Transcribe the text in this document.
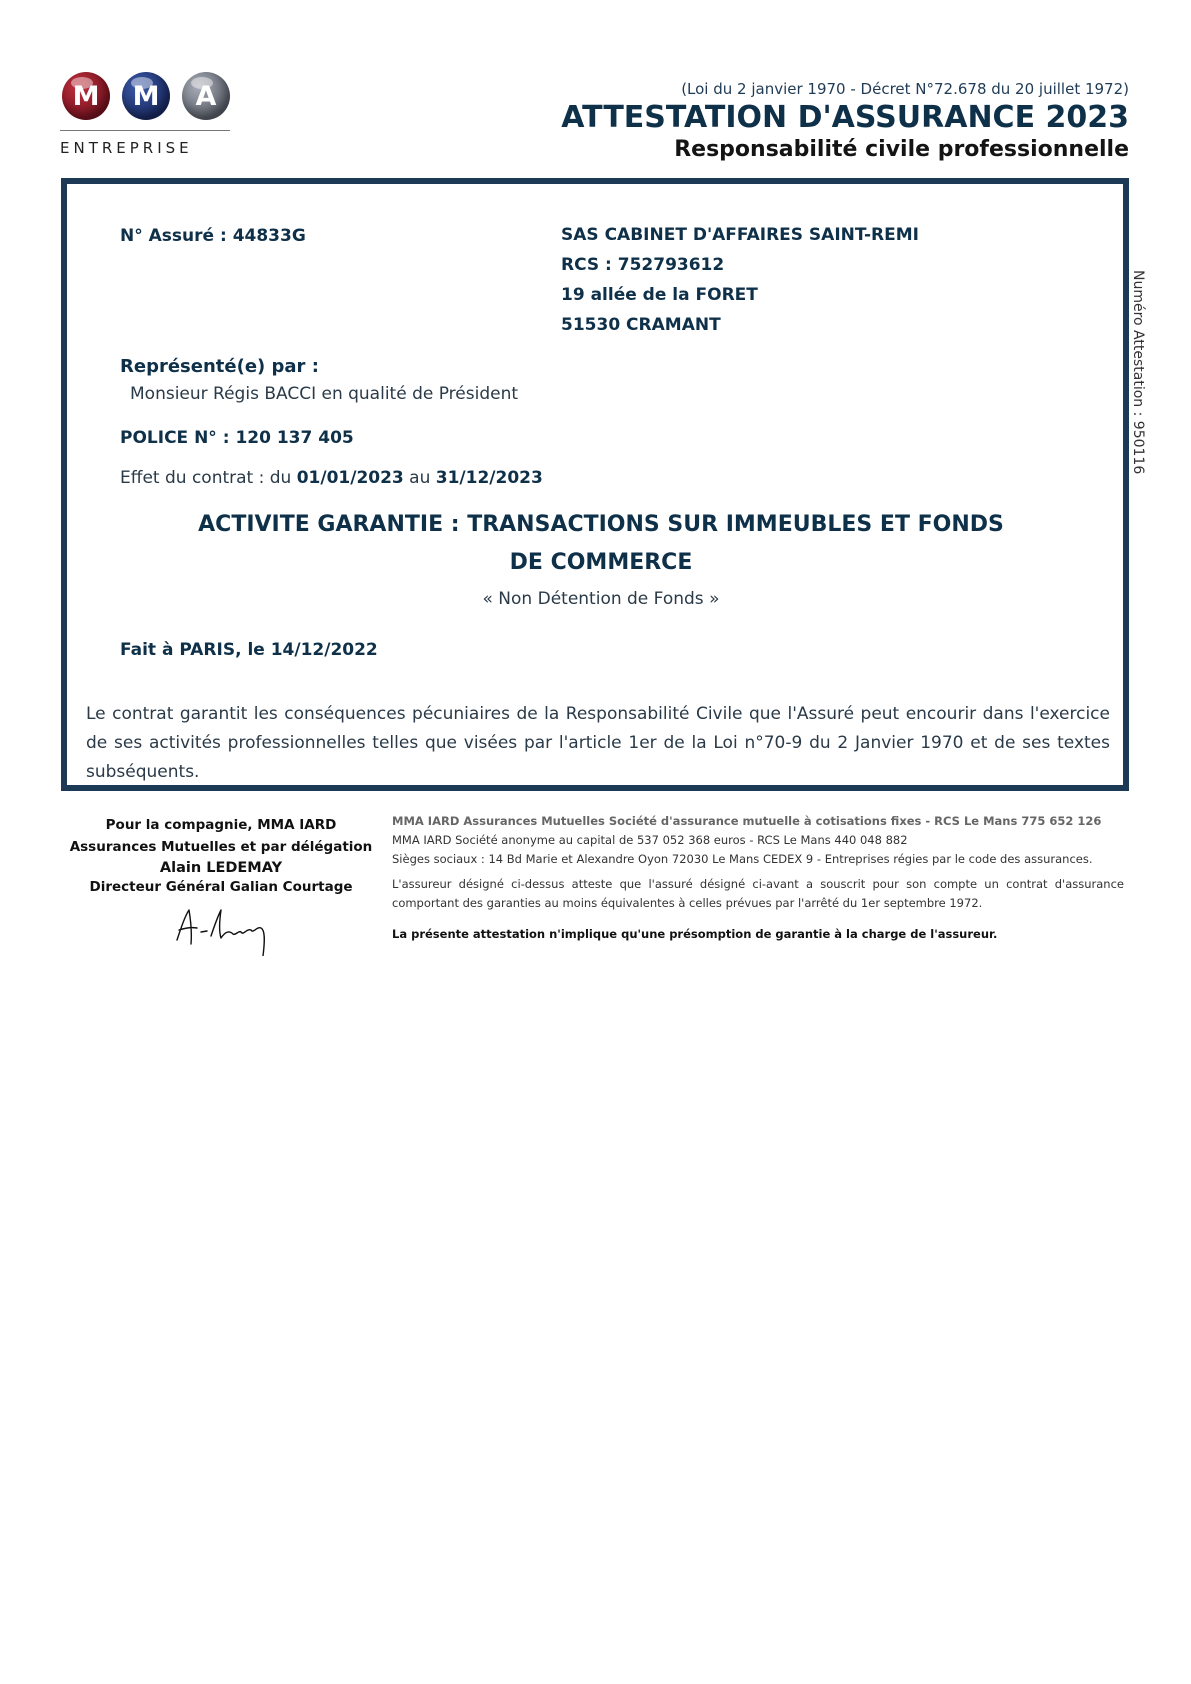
M M A
ENTREPRISE
(Loi du 2 janvier 1970 - Décret N°72.678 du 20 juillet 1972)
ATTESTATION D'ASSURANCE 2023
Responsabilité civile professionnelle
N° Assuré : 44833G	SAS CABINET D'AFFAIRES SAINT-REMI
RCS : 752793612
19 allée de la FORET
51530 CRAMANT
Représenté(e) par :
Monsieur Régis BACCI en qualité de Président
POLICE N° : 120 137 405
Effet du contrat : du 01/01/2023 au 31/12/2023
ACTIVITE GARANTIE : TRANSACTIONS SUR IMMEUBLES ET FONDS DE COMMERCE
« Non Détention de Fonds »
Fait à PARIS, le 14/12/2022
Le contrat garantit les conséquences pécuniaires de la Responsabilité Civile que l'Assuré peut encourir dans l'exercice de ses activités professionnelles telles que visées par l'article 1er de la Loi n°70-9 du 2 Janvier 1970 et de ses textes subséquents.
Numéro Attestation : 950116
Pour la compagnie, MMA IARD Assurances Mutuelles et par délégation
Alain LEDEMAY
Directeur Général Galian Courtage

MMA IARD Assurances Mutuelles Société d'assurance mutuelle à cotisations fixes - RCS Le Mans 775 652 126

MMA IARD Société anonyme au capital de 537 052 368 euros - RCS Le Mans 440 048 882

Sièges sociaux : 14 Bd Marie et Alexandre Oyon 72030 Le Mans CEDEX 9 - Entreprises régies par le code des assurances.

L'assureur désigné ci-dessus atteste que l'assuré désigné ci-avant a souscrit pour son compte un contrat d'assurance comportant des garanties au moins équivalentes à celles prévues par l'arrêté du 1er septembre 1972.

La présente attestation n'implique qu'une présomption de garantie à la charge de l'assureur.
